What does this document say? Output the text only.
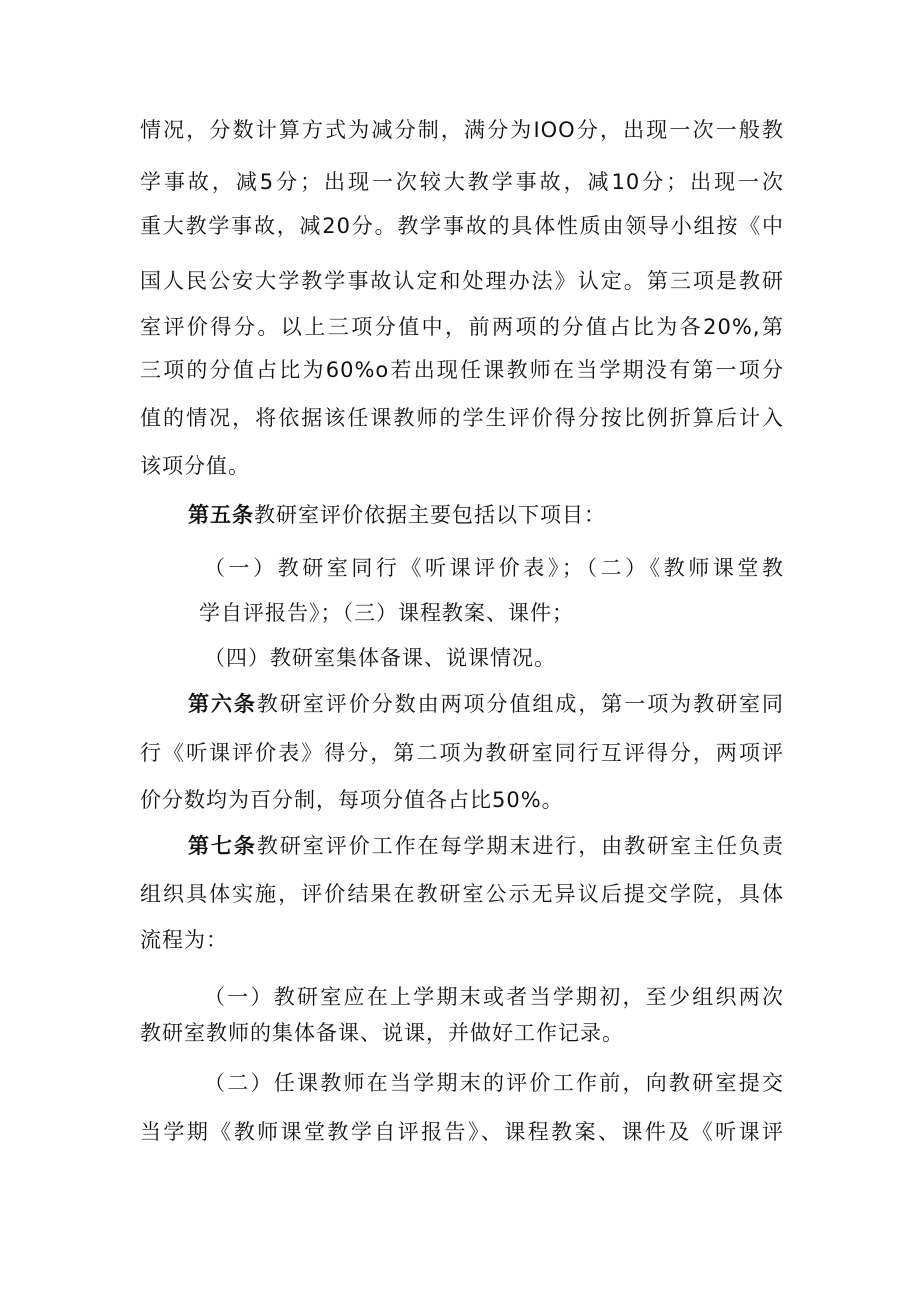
情况，分数计算方式为减分制，满分为IOO分，出现一次一般教
学事故，减5分；出现一次较大教学事故，减10分；出现一次
重大教学事故，减20分。教学事故的具体性质由领导小组按《中
国人民公安大学教学事故认定和处理办法》认定。第三项是教研
室评价得分。以上三项分值中，前两项的分值占比为各20%,第
三项的分值占比为60%o若出现任课教师在当学期没有第一项分
值的情况，将依据该任课教师的学生评价得分按比例折算后计入
该项分值。
第五条教研室评价依据主要包括以下项目：
（一）教研室同行《听课评价表》；（二）《教师课堂教
学自评报告》；（三）课程教案、课件；
（四）教研室集体备课、说课情况。
第六条教研室评价分数由两项分值组成，第一项为教研室同
行《听课评价表》得分，第二项为教研室同行互评得分，两项评
价分数均为百分制，每项分值各占比50%。
第七条教研室评价工作在每学期末进行，由教研室主任负责
组织具体实施，评价结果在教研室公示无异议后提交学院，具体
流程为：
（一）教研室应在上学期末或者当学期初，至少组织两次
教研室教师的集体备课、说课，并做好工作记录。
（二）任课教师在当学期末的评价工作前，向教研室提交
当学期《教师课堂教学自评报告》、课程教案、课件及《听课评
